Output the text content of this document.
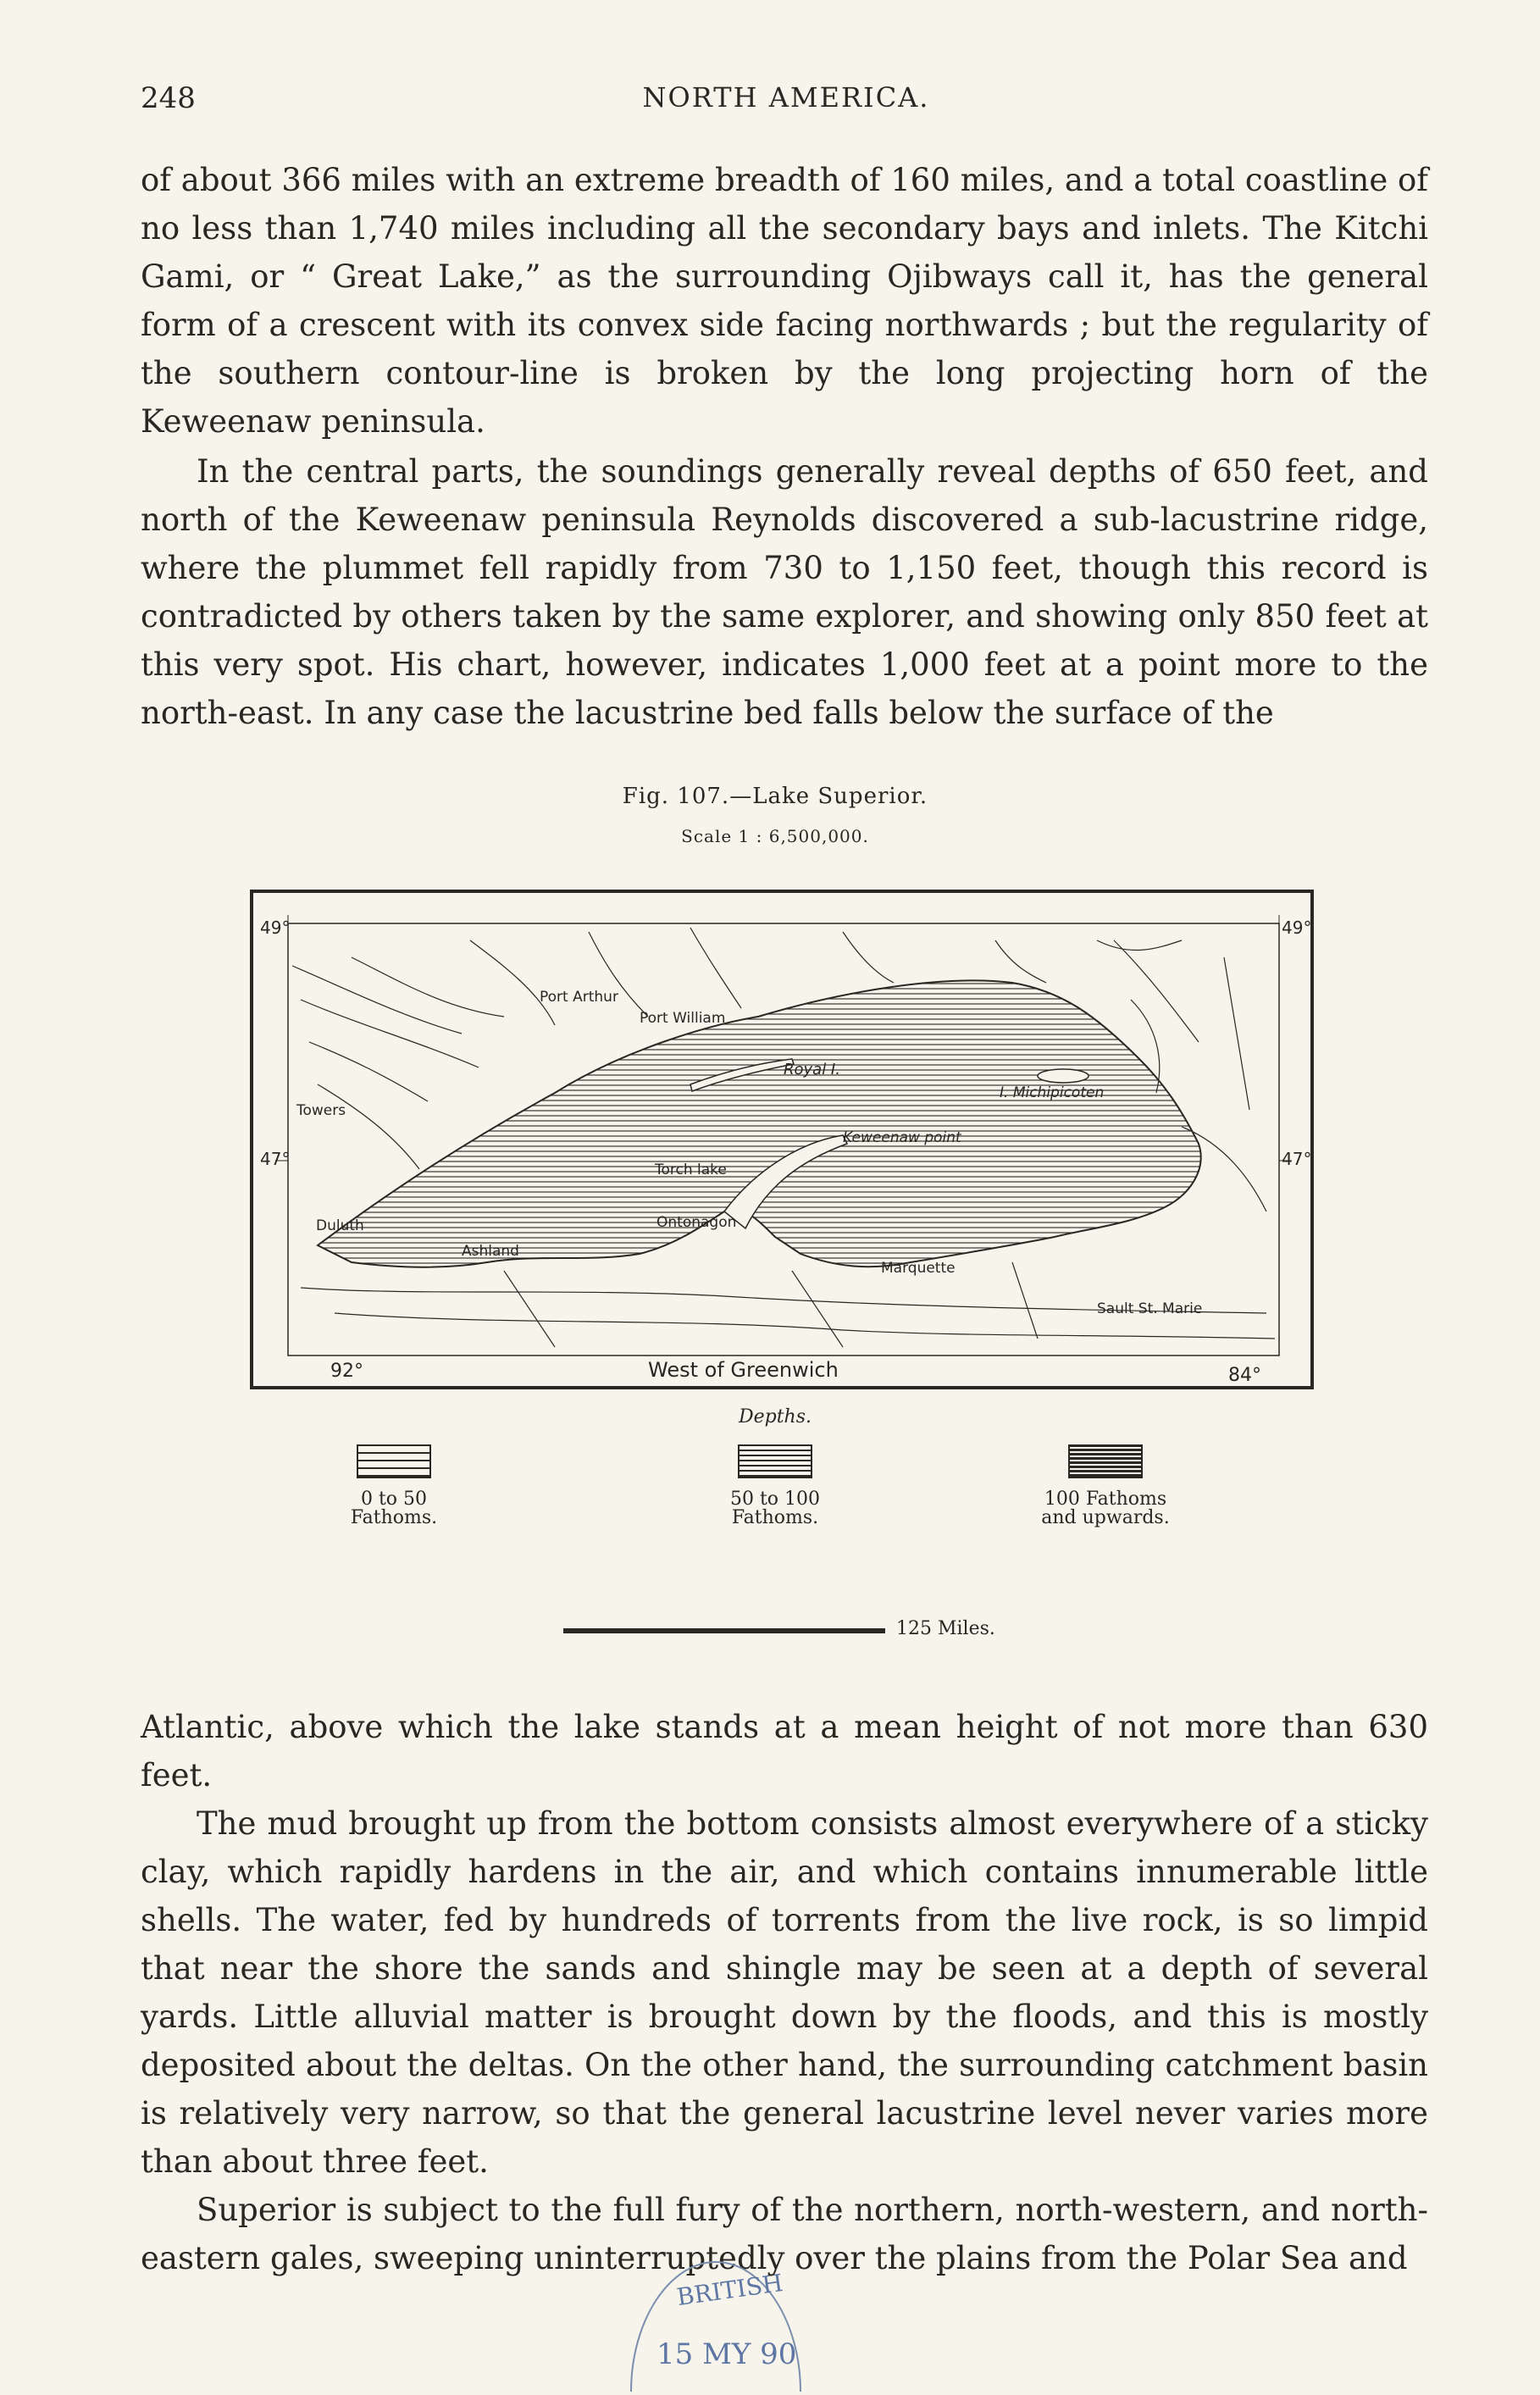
248	NORTH AMERICA.

of about 366 miles with an extreme breadth of 160 miles, and a total coastline of no less than 1,740 miles including all the secondary bays and inlets. The Kitchi Gami, or “ Great Lake,” as the surrounding Ojibways call it, has the general form of a crescent with its convex side facing northwards ; but the regularity of the southern contour-line is broken by the long projecting horn of the Keweenaw peninsula.

In the central parts, the soundings generally reveal depths of 650 feet, and north of the Keweenaw peninsula Reynolds discovered a sub-lacustrine ridge, where the plummet fell rapidly from 730 to 1,150 feet, though this record is contradicted by others taken by the same explorer, and showing only 850 feet at this very spot. His chart, however, indicates 1,000 feet at a point more to the north-east. In any case the lacustrine bed falls below the surface of the

Fig. 107.—Lake Superior.
Scale 1 : 6,500,000.
49°	49°
47°	47°
92°	84°
West of Greenwich
Port Arthur
Port William
Royal I.
I. Michipicoten
Towers
Keweenaw point
Torch lake
Duluth	Ontonagon
Ashland
Marquette
Sault St. Marie
Depths.
0 to 50
Fathoms.
50 to 100
Fathoms.
100 Fathoms
and upwards.
125 Miles.

Atlantic, above which the lake stands at a mean height of not more than 630 feet.

The mud brought up from the bottom consists almost everywhere of a sticky clay, which rapidly hardens in the air, and which contains innumerable little shells. The water, fed by hundreds of torrents from the live rock, is so limpid that near the shore the sands and shingle may be seen at a depth of several yards. Little alluvial matter is brought down by the floods, and this is mostly deposited about the deltas. On the other hand, the surrounding catchment basin is relatively very narrow, so that the general lacustrine level never varies more than about three feet.

Superior is subject to the full fury of the northern, north-western, and north-eastern gales, sweeping uninterruptedly over the plains from the Polar Sea and

BRITISH
15 MY 90
